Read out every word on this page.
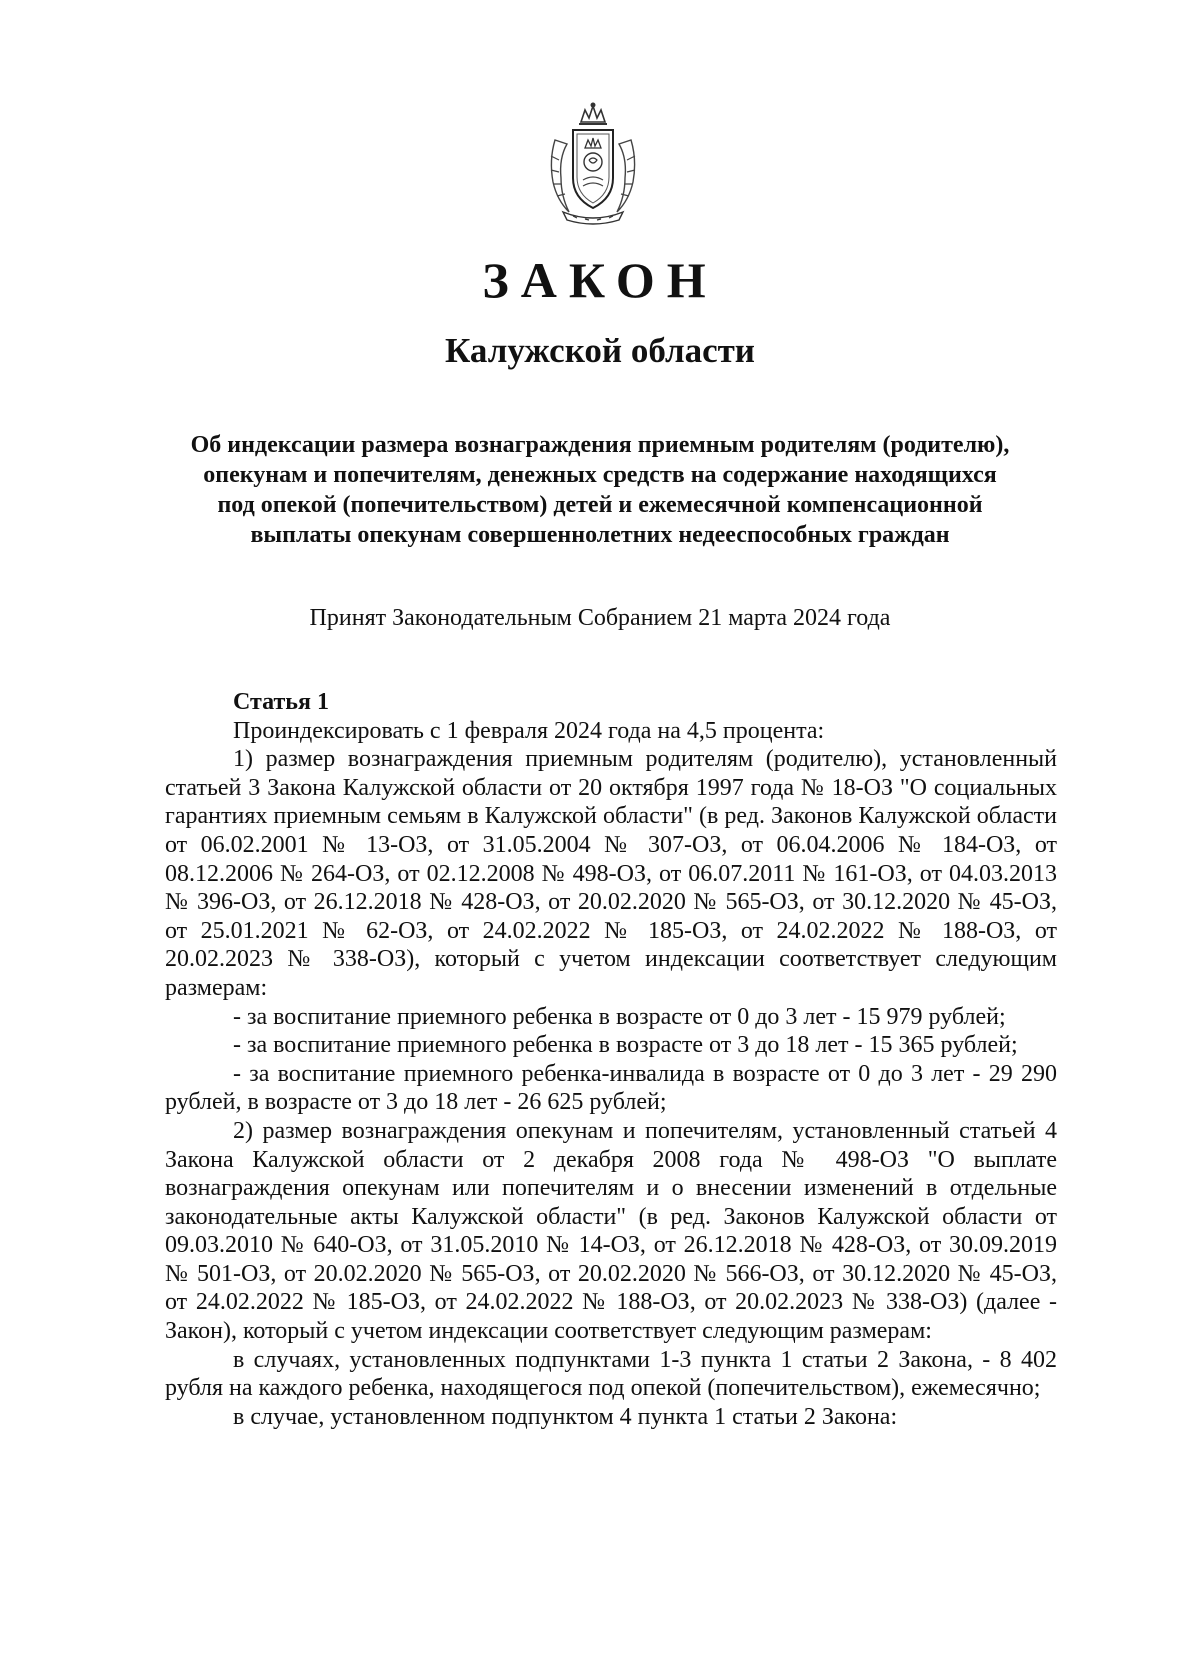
ЗАКОН
Калужской области
Об индексации размера вознаграждения приемным родителям (родителю),
опекунам и попечителям, денежных средств на содержание находящихся
под опекой (попечительством) детей и ежемесячной компенсационной
выплаты опекунам совершеннолетних недееспособных граждан
Принят Законодательным Собранием 21 марта 2024 года
Статья 1

Проиндексировать с 1 февраля 2024 года на 4,5 процента:

1) размер вознаграждения приемным родителям (родителю), установленный статьей 3 Закона Калужской области от 20 октября 1997 года № 18-ОЗ "О социальных гарантиях приемным семьям в Калужской области" (в ред. Законов Калужской области от 06.02.2001 № 13-ОЗ, от 31.05.2004 № 307-ОЗ, от 06.04.2006 № 184-ОЗ, от 08.12.2006 № 264-ОЗ, от 02.12.2008 № 498-ОЗ, от 06.07.2011 № 161-ОЗ, от 04.03.2013 № 396-ОЗ, от 26.12.2018 № 428-ОЗ, от 20.02.2020 № 565-ОЗ, от 30.12.2020 № 45-ОЗ, от 25.01.2021 № 62-ОЗ, от 24.02.2022 № 185-ОЗ, от 24.02.2022 № 188-ОЗ, от 20.02.2023 № 338-ОЗ), который с учетом индексации соответствует следующим размерам:

- за воспитание приемного ребенка в возрасте от 0 до 3 лет - 15 979 рублей;

- за воспитание приемного ребенка в возрасте от 3 до 18 лет - 15 365 рублей;

- за воспитание приемного ребенка-инвалида в возрасте от 0 до 3 лет - 29 290 рублей, в возрасте от 3 до 18 лет - 26 625 рублей;

2) размер вознаграждения опекунам и попечителям, установленный статьей 4 Закона Калужской области от 2 декабря 2008 года № 498-ОЗ "О выплате вознаграждения опекунам или попечителям и о внесении изменений в отдельные законодательные акты Калужской области" (в ред. Законов Калужской области от 09.03.2010 № 640-ОЗ, от 31.05.2010 № 14-ОЗ, от 26.12.2018 № 428-ОЗ, от 30.09.2019 № 501-ОЗ, от 20.02.2020 № 565-ОЗ, от 20.02.2020 № 566-ОЗ, от 30.12.2020 № 45-ОЗ, от 24.02.2022 № 185-ОЗ, от 24.02.2022 № 188-ОЗ, от 20.02.2023 № 338-ОЗ) (далее - Закон), который с учетом индексации соответствует следующим размерам:

в случаях, установленных подпунктами 1-3 пункта 1 статьи 2 Закона, - 8 402 рубля на каждого ребенка, находящегося под опекой (попечительством), ежемесячно;

в случае, установленном подпунктом 4 пункта 1 статьи 2 Закона:
